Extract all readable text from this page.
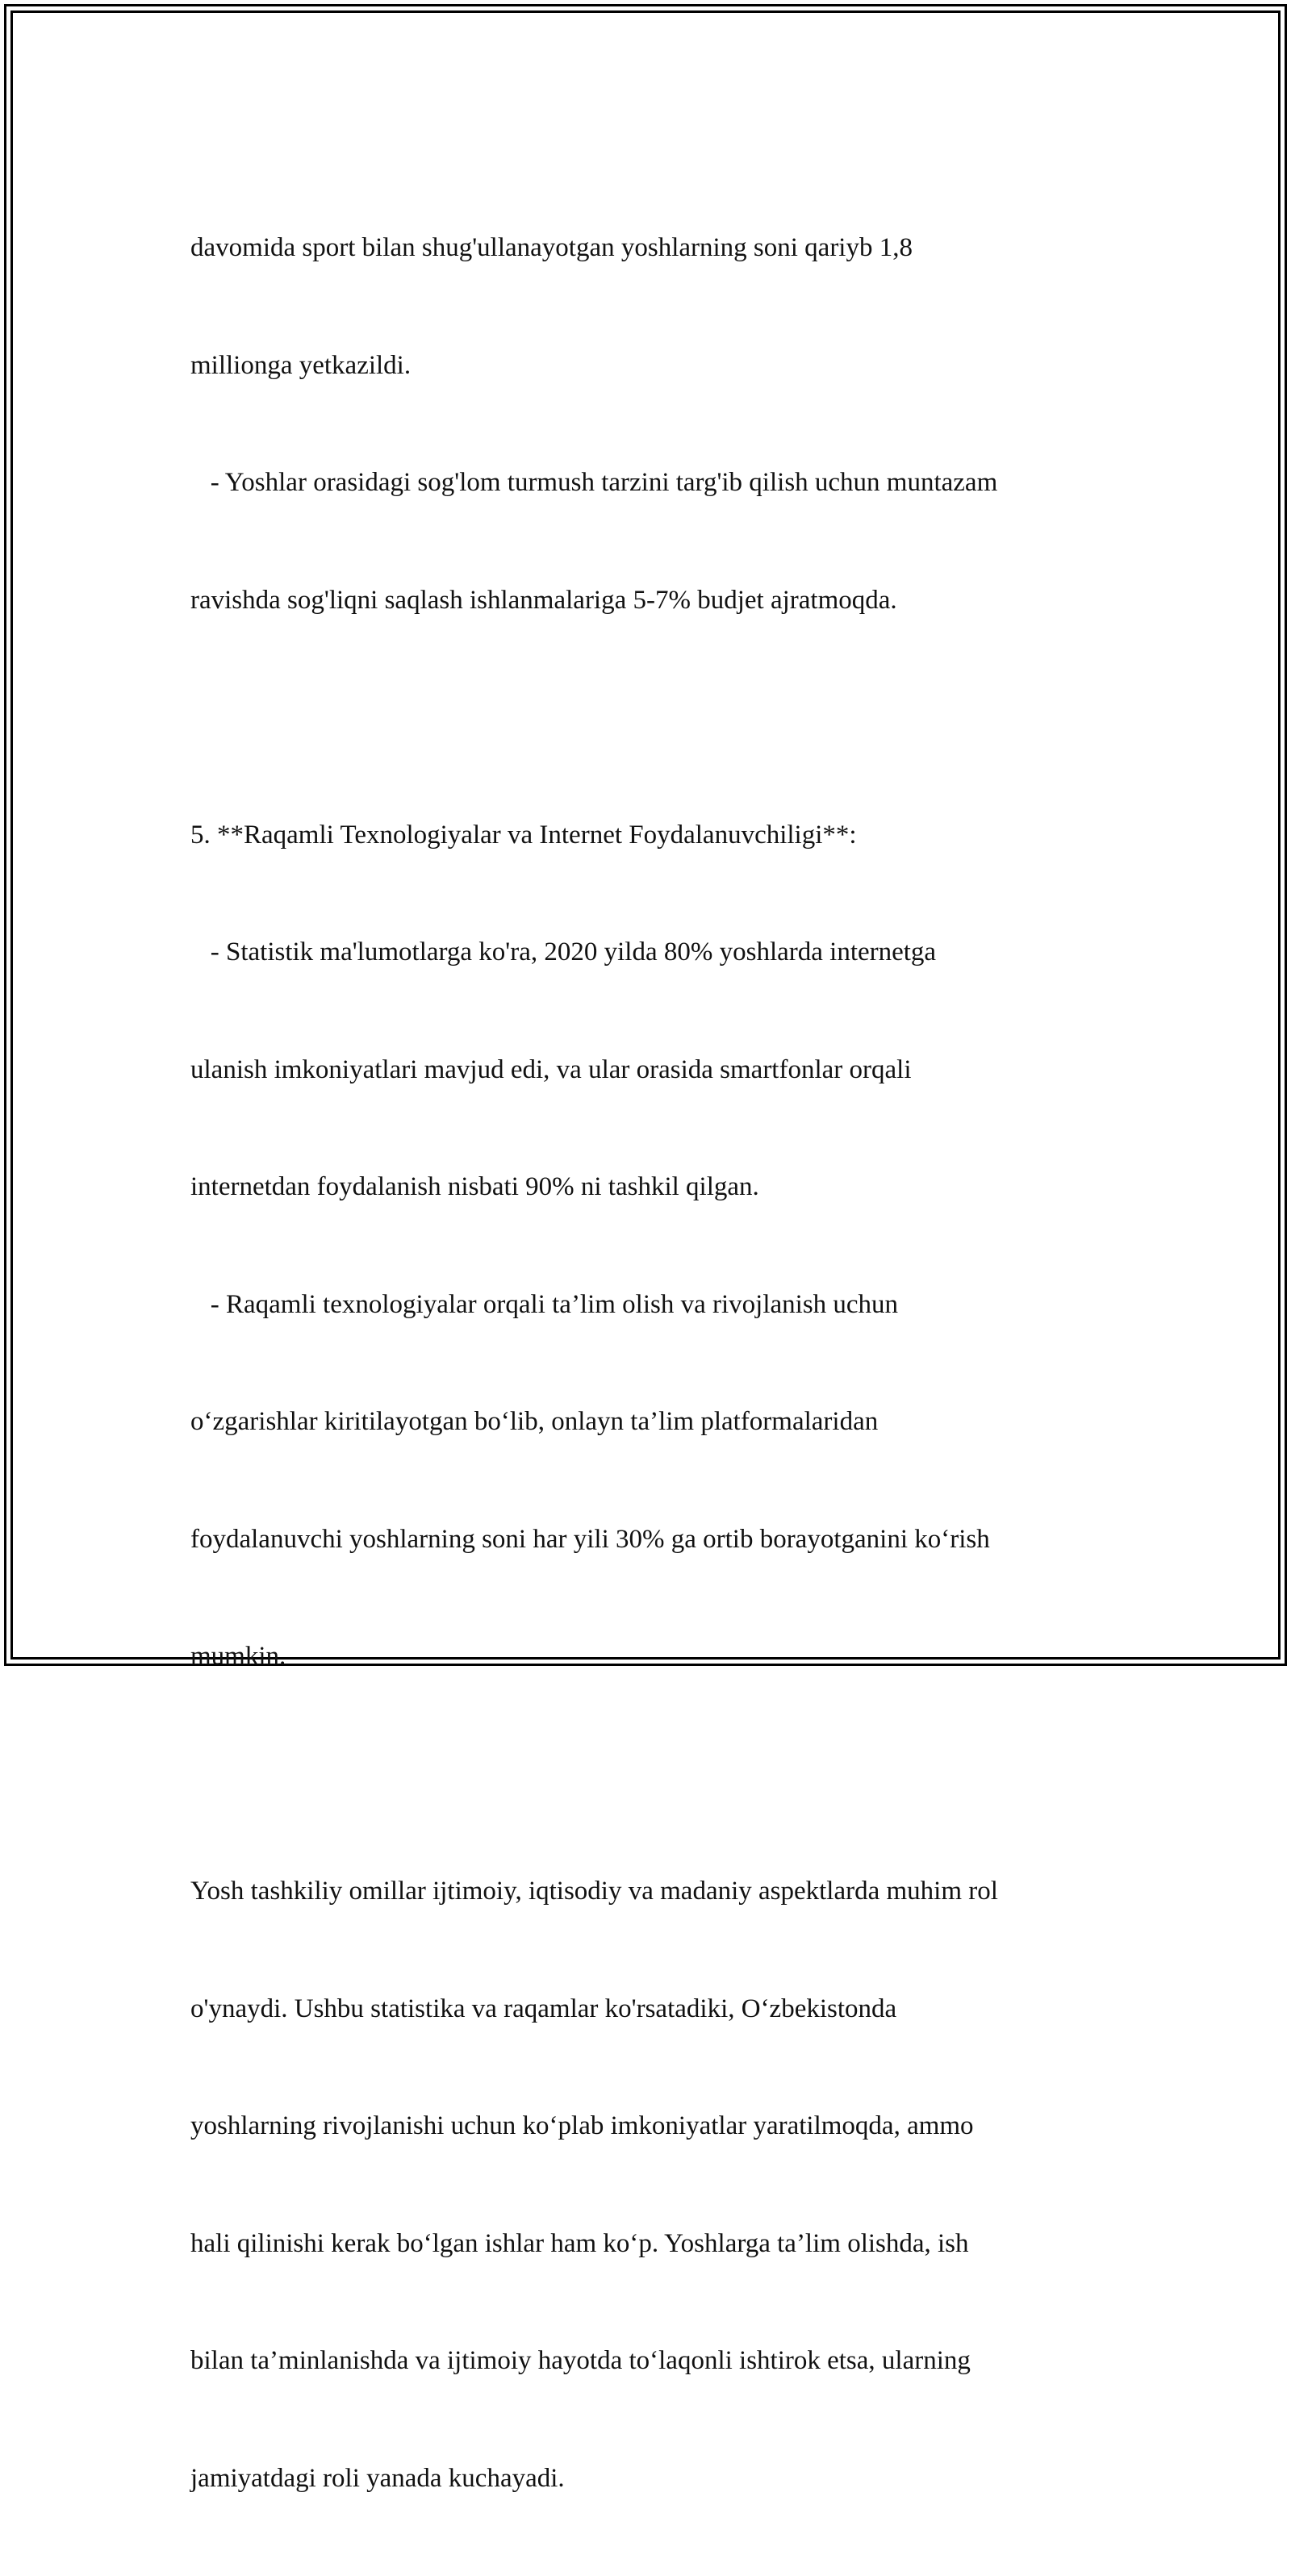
davomida sport bilan shug'ullanayotgan yoshlarning soni qariyb 1,8

millionga yetkazildi.

- Yoshlar orasidagi sog'lom turmush tarzini targ'ib qilish uchun muntazam

ravishda sog'liqni saqlash ishlanmalariga 5-7% budjet ajratmoqda.

5. **Raqamli Texnologiyalar va Internet Foydalanuvchiligi**:

- Statistik ma'lumotlarga ko'ra, 2020 yilda 80% yoshlarda internetga

ulanish imkoniyatlari mavjud edi, va ular orasida smartfonlar orqali

internetdan foydalanish nisbati 90% ni tashkil qilgan.

- Raqamli texnologiyalar orqali ta’lim olish va rivojlanish uchun

o‘zgarishlar kiritilayotgan bo‘lib, onlayn ta’lim platformalaridan

foydalanuvchi yoshlarning soni har yili 30% ga ortib borayotganini ko‘rish

mumkin.

Yosh tashkiliy omillar ijtimoiy, iqtisodiy va madaniy aspektlarda muhim rol

o'ynaydi. Ushbu statistika va raqamlar ko'rsatadiki, O‘zbekistonda

yoshlarning rivojlanishi uchun ko‘plab imkoniyatlar yaratilmoqda, ammo

hali qilinishi kerak bo‘lgan ishlar ham ko‘p. Yoshlarga ta’lim olishda, ish

bilan ta’minlanishda va ijtimoiy hayotda to‘laqonli ishtirok etsa, ularning

jamiyatdagi roli yanada kuchayadi.
